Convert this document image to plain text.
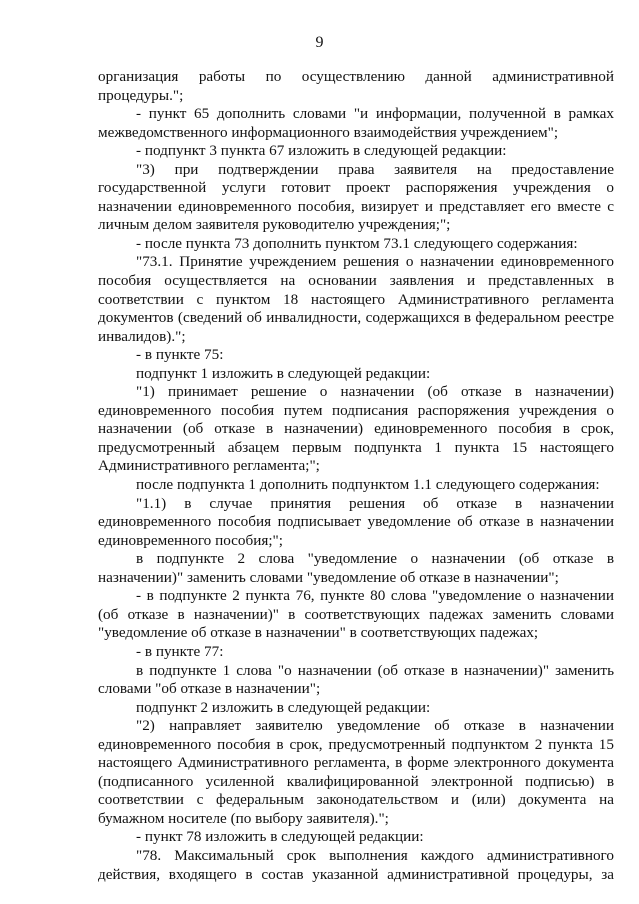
9
организация работы по осуществлению данной административной
процедуры.";
- пункт 65 дополнить словами "и информации, полученной в рамках
межведомственного информационного взаимодействия учреждением";
- подпункт 3 пункта 67 изложить в следующей редакции:
"3) при подтверждении права заявителя на предоставление
государственной услуги готовит проект распоряжения учреждения о
назначении единовременного пособия, визирует и представляет его вместе с
личным делом заявителя руководителю учреждения;";
- после пункта 73 дополнить пунктом 73.1 следующего содержания:
"73.1. Принятие учреждением решения о назначении единовременного
пособия осуществляется на основании заявления и представленных в
соответствии с пунктом 18 настоящего Административного регламента
документов (сведений об инвалидности, содержащихся в федеральном реестре
инвалидов).";
- в пункте 75:
подпункт 1 изложить в следующей редакции:
"1) принимает решение о назначении (об отказе в назначении)
единовременного пособия путем подписания распоряжения учреждения о
назначении (об отказе в назначении) единовременного пособия в срок,
предусмотренный абзацем первым подпункта 1 пункта 15 настоящего
Административного регламента;";
после подпункта 1 дополнить подпунктом 1.1 следующего содержания:
"1.1) в случае принятия решения об отказе в назначении
единовременного пособия подписывает уведомление об отказе в назначении
единовременного пособия;";
в подпункте 2 слова "уведомление о назначении (об отказе в
назначении)" заменить словами "уведомление об отказе в назначении";
- в подпункте 2 пункта 76, пункте 80 слова "уведомление о назначении
(об отказе в назначении)" в соответствующих падежах заменить словами
"уведомление об отказе в назначении" в соответствующих падежах;
- в пункте 77:
в подпункте 1 слова "о назначении (об отказе в назначении)" заменить
словами "об отказе в назначении";
подпункт 2 изложить в следующей редакции:
"2) направляет заявителю уведомление об отказе в назначении
единовременного пособия в срок, предусмотренный подпунктом 2 пункта 15
настоящего Административного регламента, в форме электронного документа
(подписанного усиленной квалифицированной электронной подписью) в
соответствии с федеральным законодательством и (или) документа на
бумажном носителе (по выбору заявителя).";
- пункт 78 изложить в следующей редакции:
"78. Максимальный срок выполнения каждого административного
действия, входящего в состав указанной административной процедуры, за
